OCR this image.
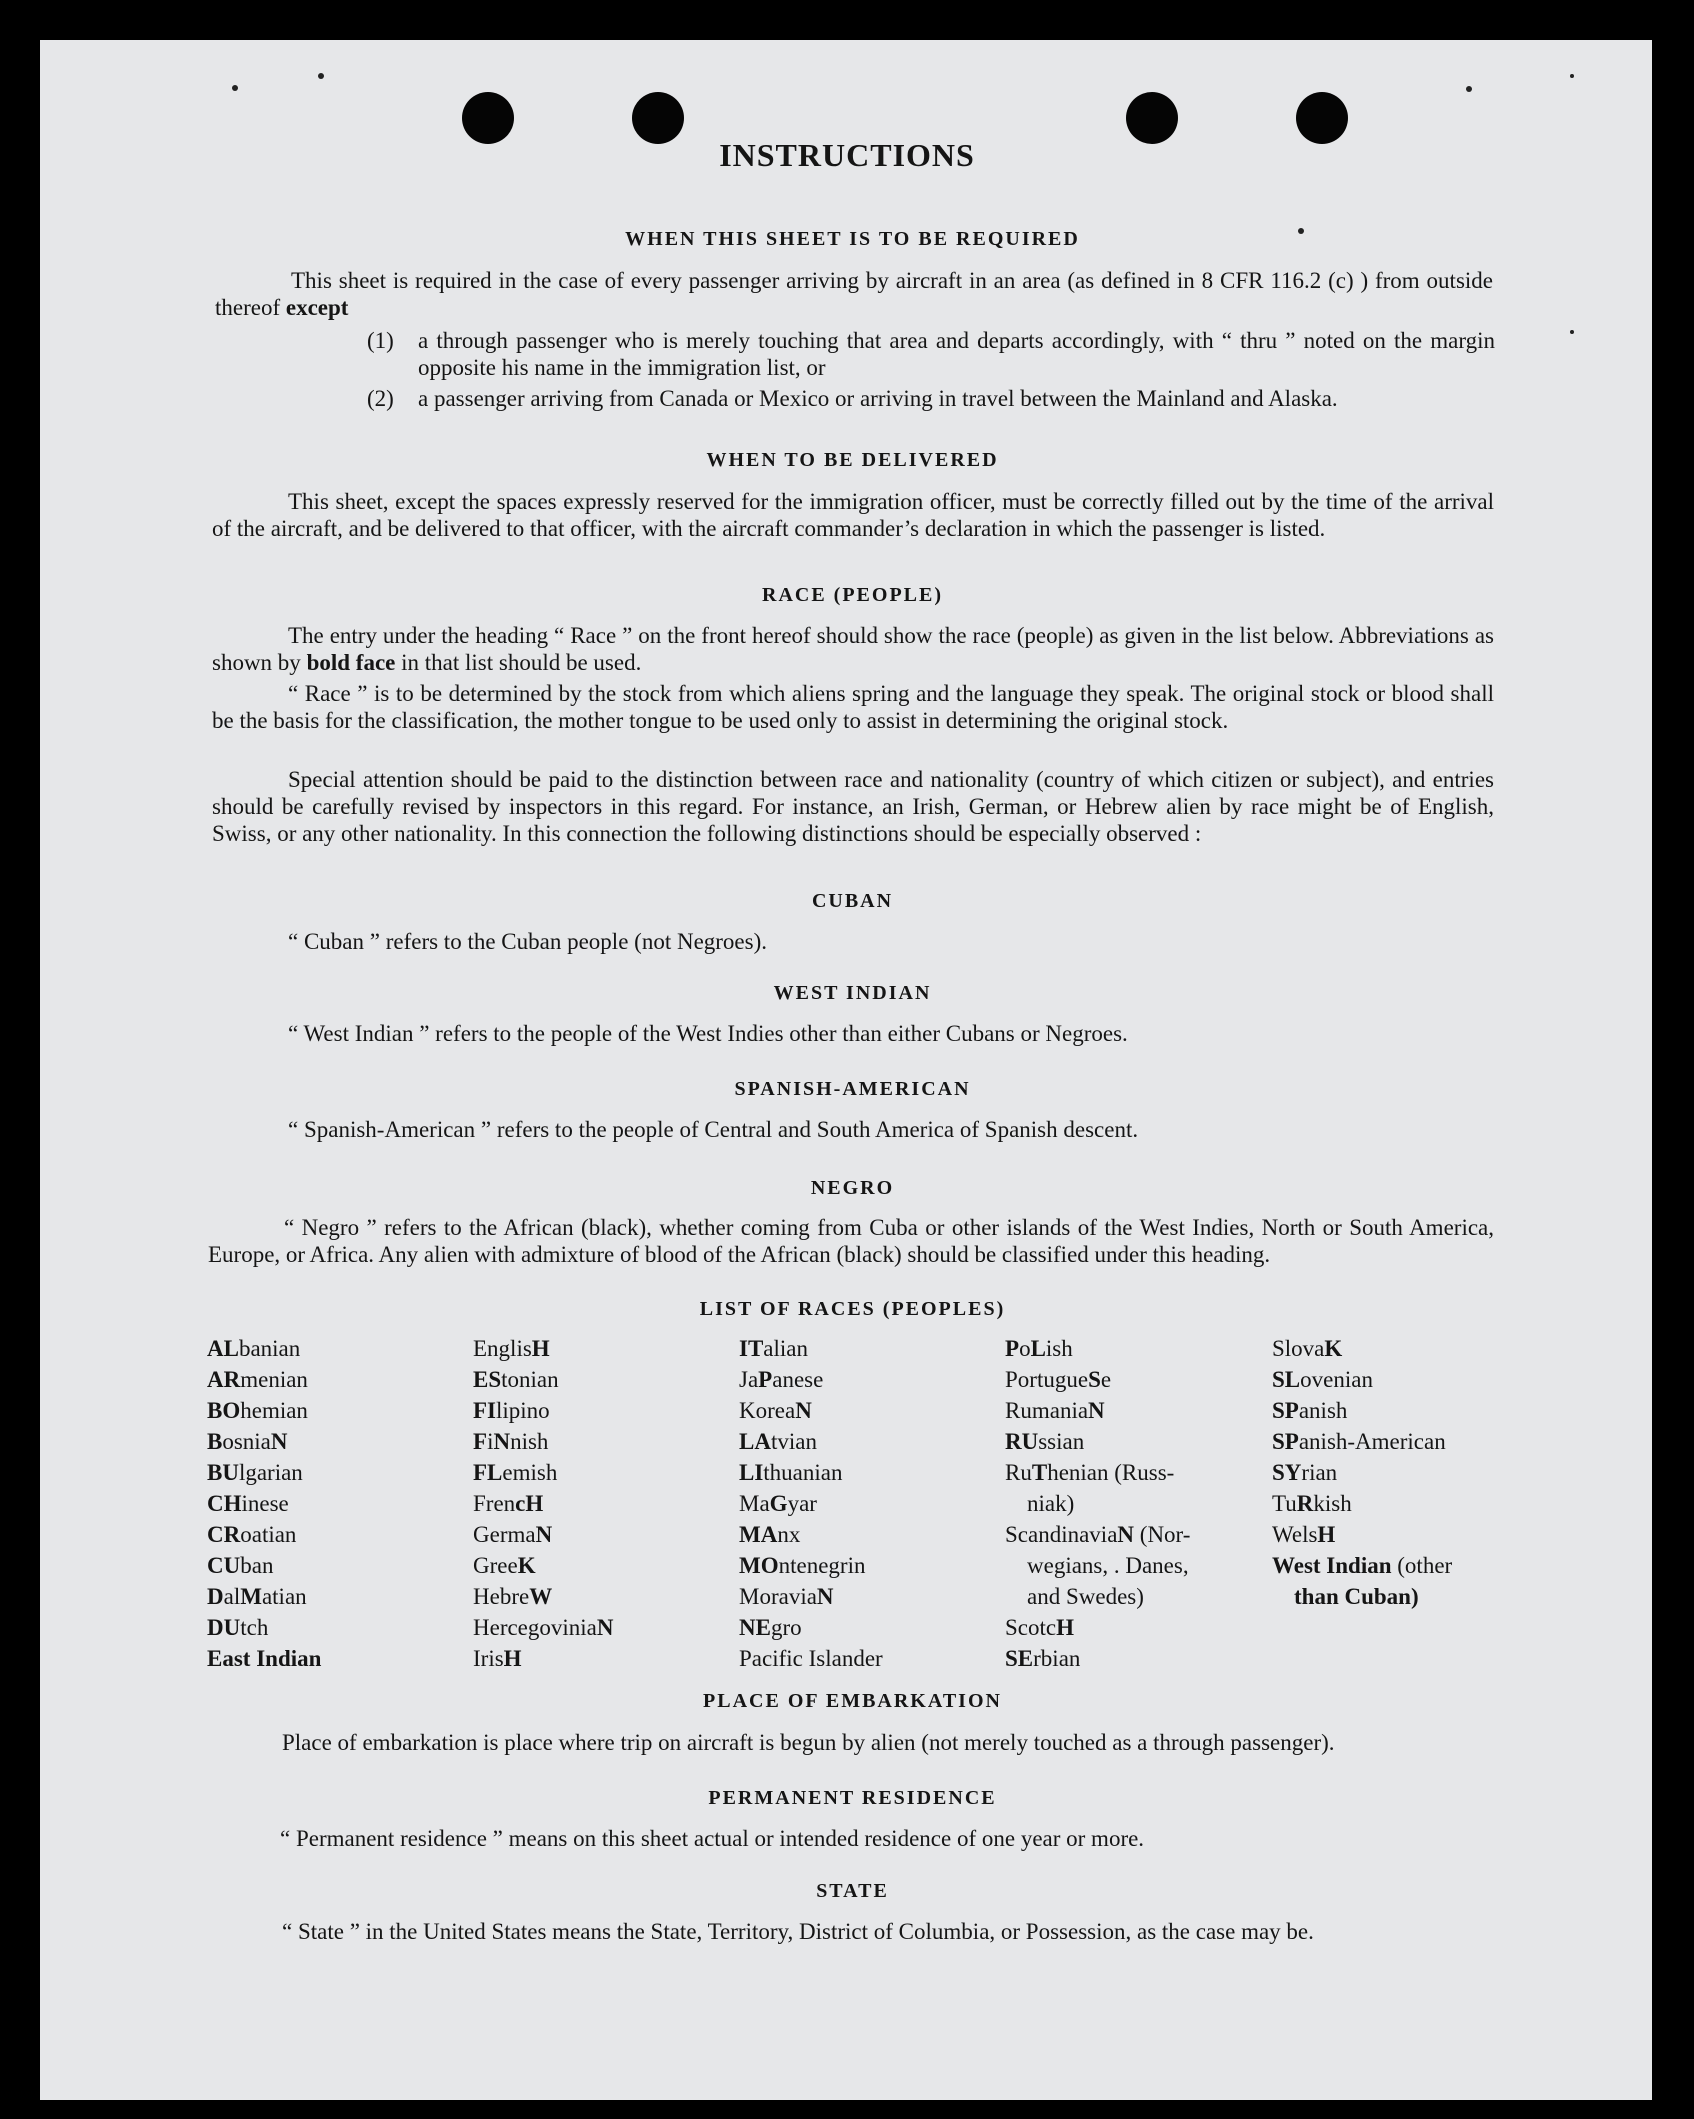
INSTRUCTIONS
WHEN THIS SHEET IS TO BE REQUIRED

This sheet is required in the case of every passenger arriving by aircraft in an area (as defined in 8 CFR 116.2 (c) ) from outside thereof except

(1) a through passenger who is merely touching that area and departs accordingly, with “ thru ” noted on the margin opposite his name in the immigration list, or

(2) a passenger arriving from Canada or Mexico or arriving in travel between the Mainland and Alaska.

WHEN TO BE DELIVERED

This sheet, except the spaces expressly reserved for the immigration officer, must be correctly filled out by the time of the arrival of the aircraft, and be delivered to that officer, with the aircraft commander’s declaration in which the passenger is listed.

RACE (PEOPLE)

The entry under the heading “ Race ” on the front hereof should show the race (people) as given in the list below. Abbreviations as shown by bold face in that list should be used.

“ Race ” is to be determined by the stock from which aliens spring and the language they speak. The original stock or blood shall be the basis for the classification, the mother tongue to be used only to assist in determining the original stock.

Special attention should be paid to the distinction between race and nationality (country of which citizen or subject), and entries should be carefully revised by inspectors in this regard. For instance, an Irish, German, or Hebrew alien by race might be of English, Swiss, or any other nationality. In this connection the following distinctions should be especially observed :

CUBAN

“ Cuban ” refers to the Cuban people (not Negroes).

WEST INDIAN

“ West Indian ” refers to the people of the West Indies other than either Cubans or Negroes.

SPANISH-AMERICAN

“ Spanish-American ” refers to the people of Central and South America of Spanish descent.

NEGRO

“ Negro ” refers to the African (black), whether coming from Cuba or other islands of the West Indies, North or South America, Europe, or Africa. Any alien with admixture of blood of the African (black) should be classified under this heading.

LIST OF RACES (PEOPLES)
ALbanian
ARmenian
BOhemian
BosniaN
BUlgarian
CHinese
CRoatian
CUban
DalMatian
DUtch
East Indian
EnglisH
EStonian
FIlipino
FiNnish
FLemish
FrencH
GermaN
GreeK
HebreW
HercegoviniaN
IrisH
ITalian
JaPanese
KoreaN
LAtvian
LIthuanian
MaGyar
MAnx
MOntenegrin
MoraviaN
NEgro
Pacific Islander
PoLish
PortugueSe
RumaniaN
RUssian
RuThenian (Russ-
niak)
ScandinaviaN (Nor-
wegians, . Danes,
and Swedes)
ScotcH
SErbian
SlovaK
SLovenian
SPanish
SPanish-American
SYrian
TuRkish
WelsH
West Indian (other
than Cuban)
PLACE OF EMBARKATION

Place of embarkation is place where trip on aircraft is begun by alien (not merely touched as a through passenger).

PERMANENT RESIDENCE

“ Permanent residence ” means on this sheet actual or intended residence of one year or more.

STATE

“ State ” in the United States means the State, Territory, District of Columbia, or Possession, as the case may be.
